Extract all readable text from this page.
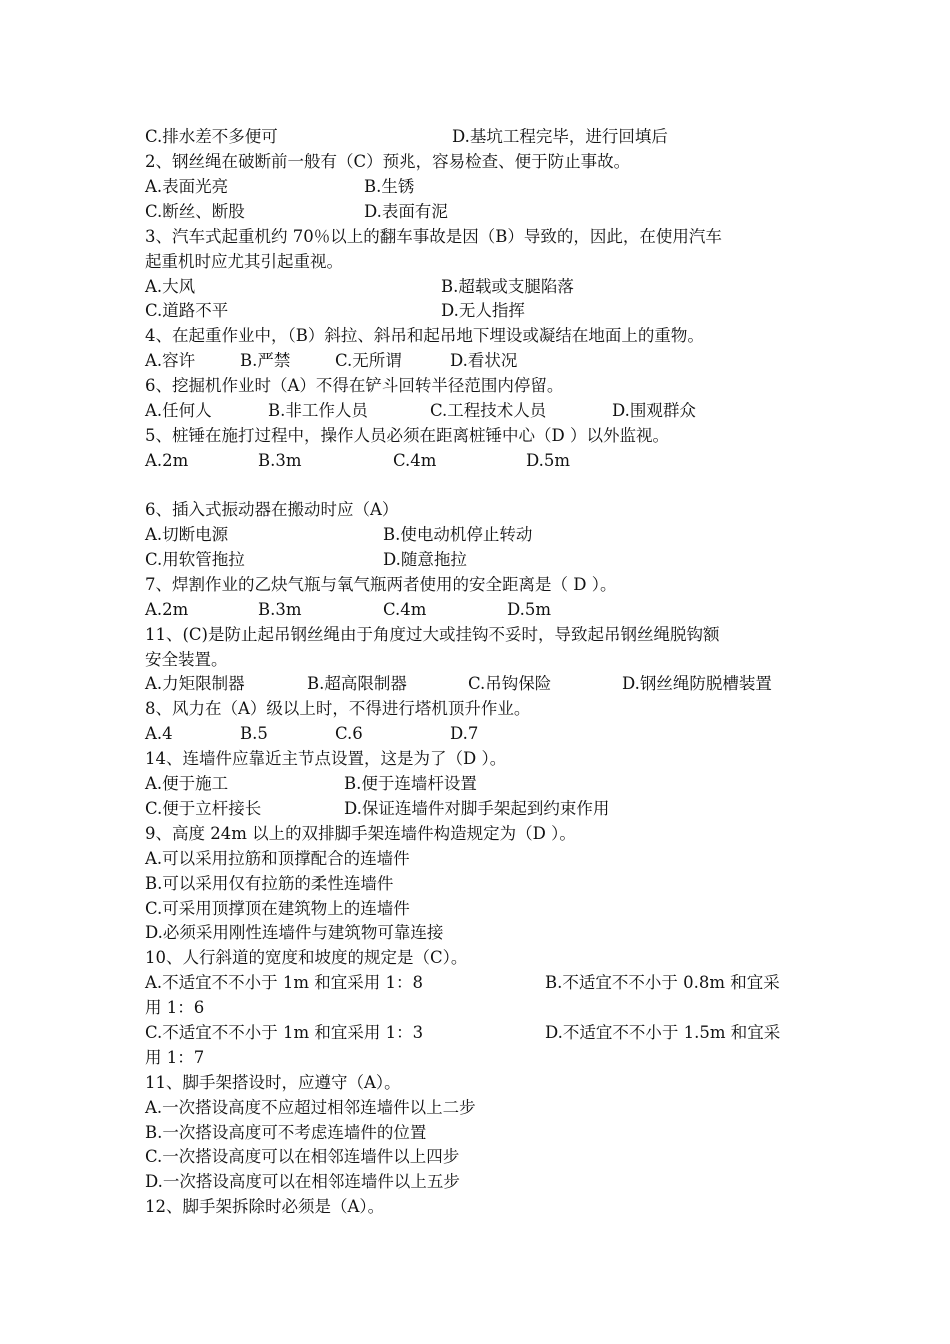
C.排水差不多便可	D.基坑工程完毕，进行回填后
2、钢丝绳在破断前一般有（C）预兆，容易检查、便于防止事故。
A.表面光亮	B.生锈
C.断丝、断股	D.表面有泥
3、汽车式起重机约 70％以上的翻车事故是因（B）导致的，因此，在使用汽车
起重机时应尤其引起重视。
A.大风	B.超载或支腿陷落
C.道路不平	D.无人指挥
4、在起重作业中，（B）斜拉、斜吊和起吊地下埋设或凝结在地面上的重物。
A.容许	B.严禁	C.无所谓	D.看状况
6、挖掘机作业时（A）不得在铲斗回转半径范围内停留。
A.任何人	B.非工作人员	C.工程技术人员	D.围观群众
5、桩锤在施打过程中，操作人员必须在距离桩锤中心（D ）以外监视。
A.2m	B.3m	C.4m	D.5m
6、插入式振动器在搬动时应（A）
A.切断电源	B.使电动机停止转动
C.用软管拖拉	D.随意拖拉
7、焊割作业的乙炔气瓶与氧气瓶两者使用的安全距离是（ D ）。
A.2m	B.3m	C.4m	D.5m
11、(C)是防止起吊钢丝绳由于角度过大或挂钩不妥时，导致起吊钢丝绳脱钩额
安全装置。
A.力矩限制器	B.超高限制器	C.吊钩保险	D.钢丝绳防脱槽装置
8、风力在（A）级以上时，不得进行塔机顶升作业。
A.4	B.5	C.6	D.7
14、连墙件应靠近主节点设置，这是为了（D ）。
A.便于施工	B.便于连墙杆设置
C.便于立杆接长	D.保证连墙件对脚手架起到约束作用
9、高度 24m 以上的双排脚手架连墙件构造规定为（D ）。
A.可以采用拉筋和顶撑配合的连墙件
B.可以采用仅有拉筋的柔性连墙件
C.可采用顶撑顶在建筑物上的连墙件
D.必须采用刚性连墙件与建筑物可靠连接
10、人行斜道的宽度和坡度的规定是（C）。
A.不适宜不不小于 1m 和宜采用 1：8	B.不适宜不不小于 0.8m 和宜采
用 1：6
C.不适宜不不小于 1m 和宜采用 1：3	D.不适宜不不小于 1.5m 和宜采
用 1：7
11、脚手架搭设时，应遵守（A）。
A.一次搭设高度不应超过相邻连墙件以上二步
B.一次搭设高度可不考虑连墙件的位置
C.一次搭设高度可以在相邻连墙件以上四步
D.一次搭设高度可以在相邻连墙件以上五步
12、脚手架拆除时必须是（A）。
